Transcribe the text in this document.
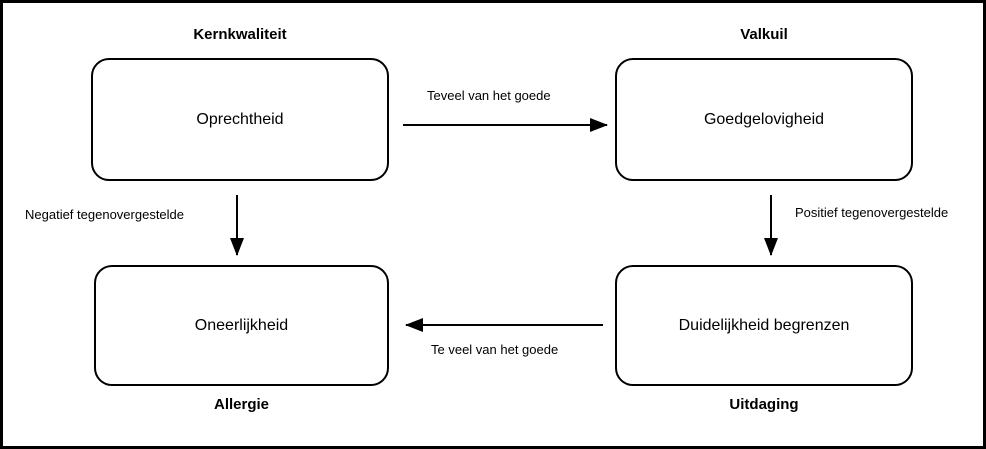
Oprechtheid	Goedgelovigheid
Oneerlijkheid	Duidelijkheid begrenzen
Kernkwaliteit	Valkuil
Allergie	Uitdaging
Teveel van het goede
Positief tegenovergestelde
Te veel van het goede
Negatief tegenovergestelde
